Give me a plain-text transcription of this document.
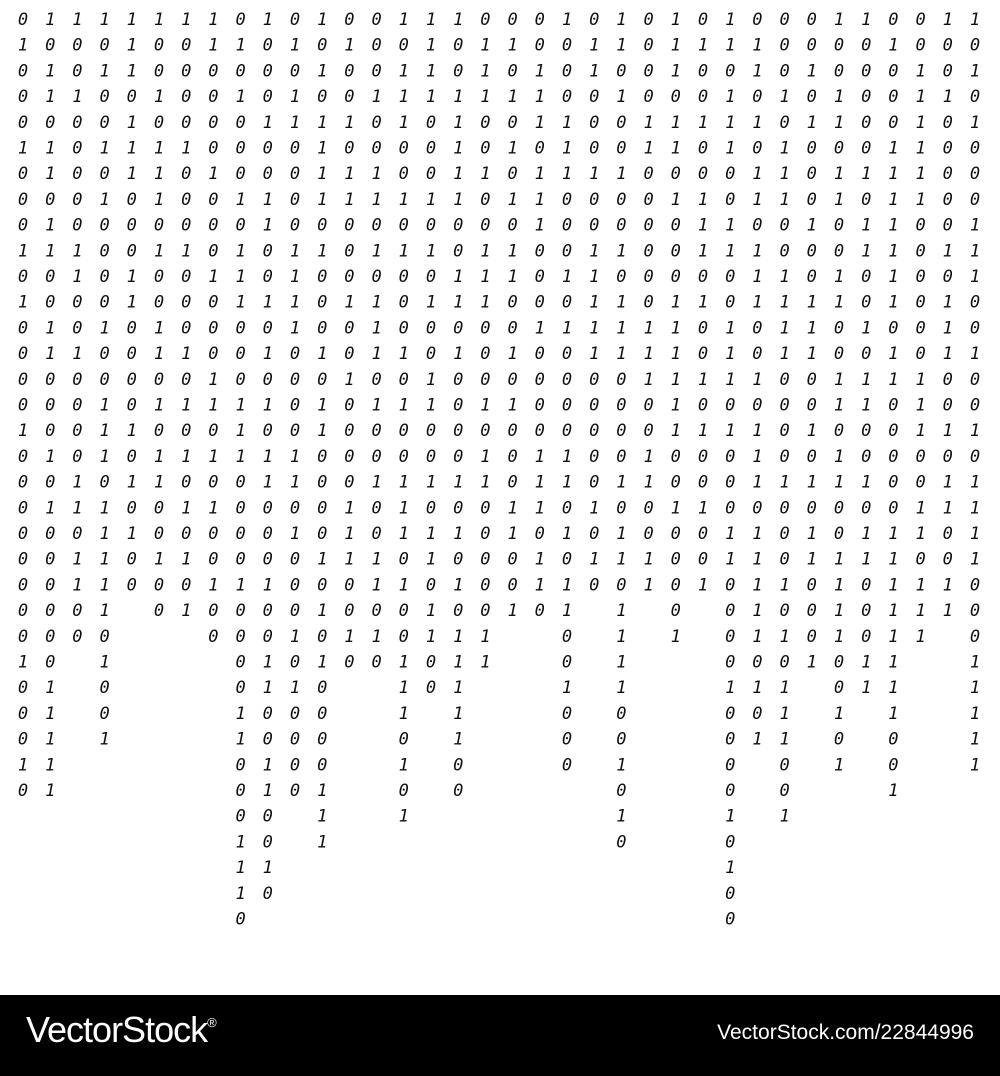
0
1
0
0
0
1
0
0
0
1
0
1
0
0
0
0
1
0
0
0
0
0
0
0
0
1
0
0
0
1
0
1
0
1
1
0
1
1
0
1
1
0
0
1
1
0
0
0
1
0
1
0
0
0
0
0
0
1
1
1
1
1
1
0
0
1
0
0
0
0
0
1
1
0
0
1
0
0
0
0
1
1
0
1
1
0
0
1
0
1
0
0
1
0
1
0
0
0
0
1
0
0
1
1
1
0
1
1
1
1
1
0
1
0
0
1
1
1
1
0
1
1
1
0
0
0
1
1
0
0
0
0
1
0
1
0
1
0
0
1
0
0
1
0
1
1
1
0
1
0
0
1
1
0
1
0
1
1
0
0
1
0
0
1
0
0
0
0
1
0
0
0
1
0
0
0
1
0
1
0
1
0
1
0
1
0
1
1
1
0
0
0
0
1
0
0
0
1
0
0
0
1
1
0
1
0
1
0
0
1
0
0
0
1
0
1
0
0
0
1
0
1
1
1
0
0
0
1
1
1
0
0
0
0
1
0
0
0
0
1
1
0
0
0
1
1
1
0
1
0
0
0
1
0
0
1
1
0
0
1
0
1
0
1
0
1
1
0
0
0
1
0
0
1
1
0
0
1
1
0
0
1
0
0
1
0
1
1
0
0
0
0
1
1
1
1
0
0
0
0
1
1
0
1
0
0
0
1
0
1
0
0
0
0
1
0
1
0
1
1
1
1
0
1
0
0
0
1
0
1
1
0
0
0
0
1
0
1
0
1
0
0
0
0
1
1
1
0
1
0
0
1
0
1
1
0
0
0
1
0
0
1
0
0
0
0
1
1
1
0
0
1
0
0
0
0
1
0
0
1
1
0
1
0
1
1
1
0
1
0
0
1
0
0
1
1
0
1
0
1
0
1
1
1
0
0
1
0
1
0
0
0
1
0
1
0
0
1
1
1
0
1
0
0
1
1
1
0
1
0
1
1
1
1
1
0
0
0
1
0
1
0
1
0
0
1
1
0
0
1
0
1
1
0
1
1
0
0
1
0
0
1
1
1
1
1
0
0
1
1
0
1
0
0
0
0
1
0
1
0
1
0
1
1
1
1
1
0
0
0
1
1
1
0
0
1
0
0
1
1
1
0
0
0
1
0
1
1
0
0
0
0
0
1
1
0
1
0
1
0
1
0
1
0
1
1
0
0
1
0
1
0
0
0
1
1
0
0
1
0
0
1
1
1
0
1
1
1
0
0
0
1
0
0
0
0
1
1
1
0
1
1
0
1
0
0
0
1
1
1
0
0
0
1
0
1
0
0
0
0
1
1
0
1
0
1
1
0
0
1
0
0
0
0
1
1
0
0
0
1
0
0
1
1
1
1
1
0
0
0
0
0
1
0
1
0
1
1
0
1
0
0
1
0
0
1
0
1
1
1
0
0
0
0
1
0
1
1
0
1
1
1
1
0
0
1
0
1
0
0
0
0
0
1
1
0
0
0
0
0
0
1
1
1
0
0
1
1
0
0
1
1
1
1
1
0
1
1
0
1
0
0
0
1
1
1
1
1
1
0
0
1
0
0
0
0
1
0
1
0
0
1
0
0
1
1
1
0
1
0
0
1
0
1
0
0
1
0
0
1
1
1
0
1
1
1
0
0
1
1
0
0
1
1
1
0
1
0
0
0
1
1
0
0
0
0
1
0
0
0
0
1
0
1
0
0
0
1
1
0
1
0
1
1
0
1
1
1
0
0
1
0
1
1
1
0
1
1
1
1
1
0
1
0
1
0
0
0
1
0
1
1
1
0
0
1
1
1
1
0
0
0
0
1
0
0
0
1
0
1
0
1
1
1
0
0
1
0
0
1
0
1
0
0
0
1
0
0
1
1
1
0
0
1
0
1
0
1
1
0
0
0
1
1
0
0
1
1
0
1
1
0
0
1
1
0
0
1
1
0
1
1
0
0
1
1
1
1
0
0
1
0
1
1
0
0
0
0
0
1
0
1
1
0
0
1
0
1
1
0
0
1
0
1
1
0
0
0
1
1
0
1
0
0
0
1
1
1
1
1
1
1
0
1
1
0
0
0
0
0
1
1
1
1
1
1
1
1
0
0
1
0
0
1
1
1
1
1
1
0
0
0
0
0
0
1
1
1
0
0
1
1
0
1
1
1
1
0
0
1
0
0
0
0
0
1
0
1
1
1
0
0
1
0
1
1
0
0
1
1
1
0
1
0
1
0
0
0
1
1
1
0
0
1
0
0
1
0
1
1
1
1
0
0
0
1
1
1
1
1
VectorStock®	VectorStock.com/22844996
